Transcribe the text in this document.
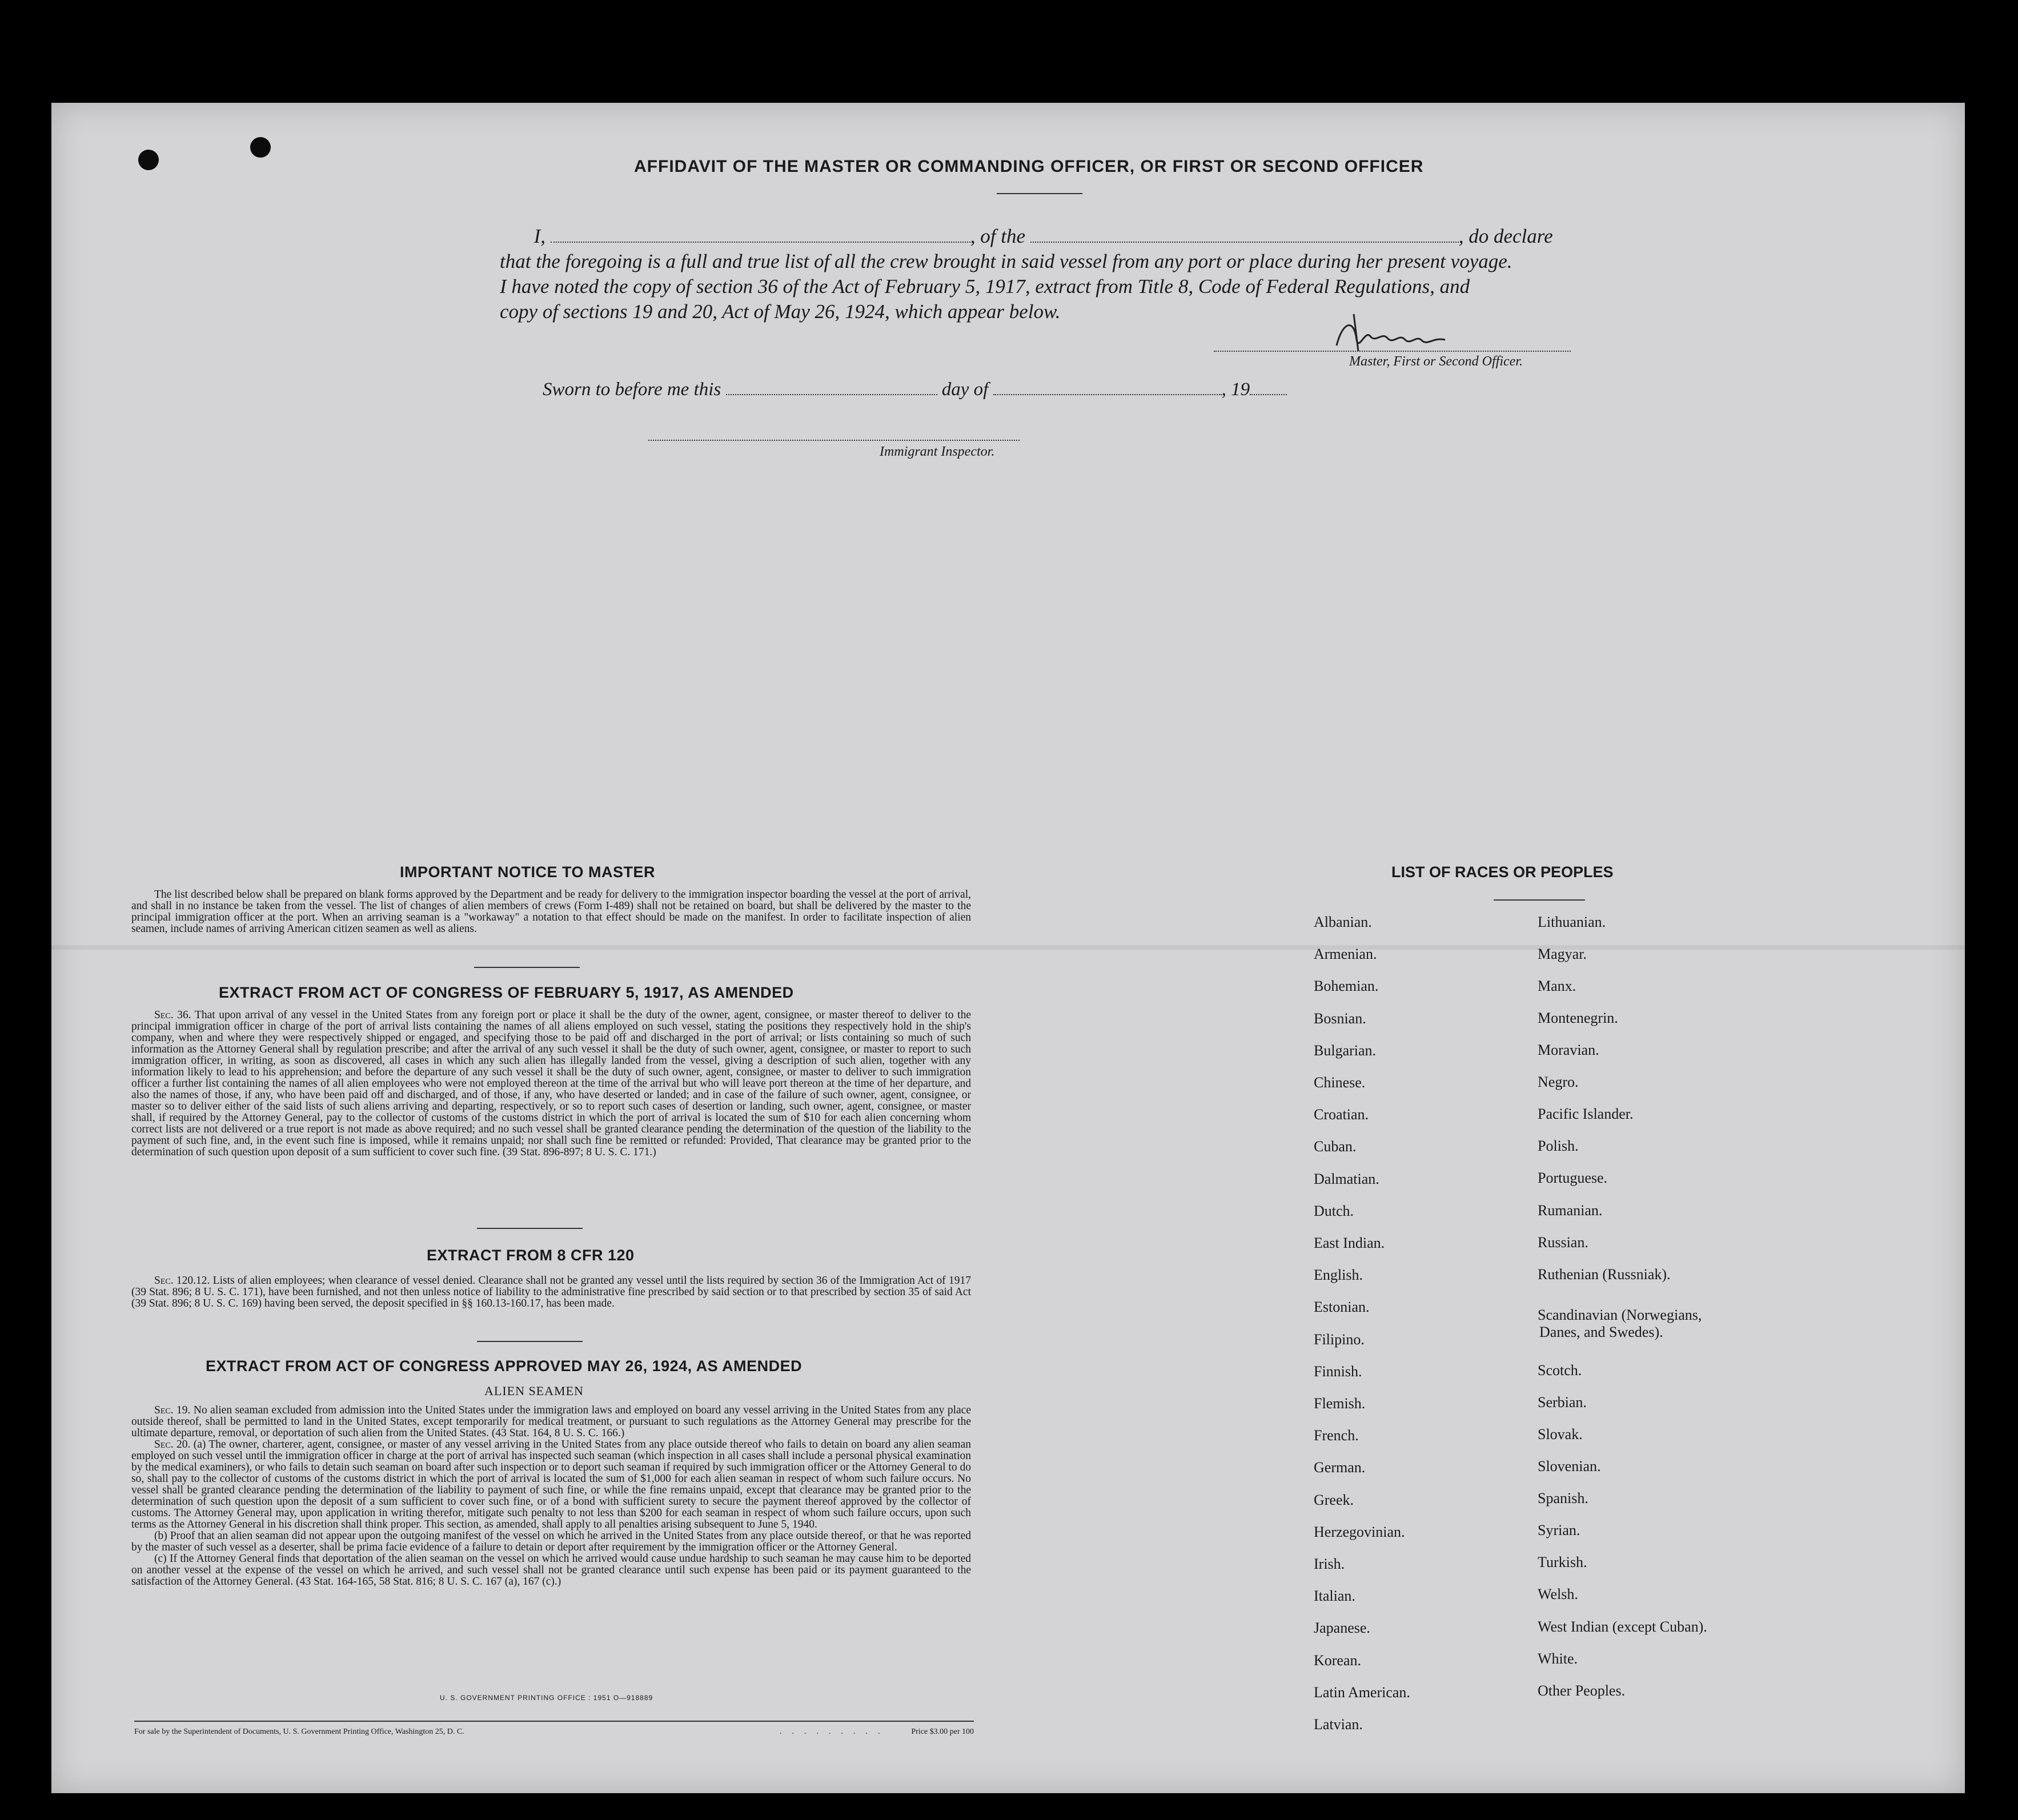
AFFIDAVIT OF THE MASTER OR COMMANDING OFFICER, OR FIRST OR SECOND OFFICER
I,	, of the	, do declare
that the foregoing is a full and true list of all the crew brought in said vessel from any port or place during her present voyage.
I have noted the copy of section 36 of the Act of February 5, 1917, extract from Title 8, Code of Federal Regulations, and
copy of sections 19 and 20, Act of May 26, 1924, which appear below.
Master, First or Second Officer.
Sworn to before me this	day of	, 19
Immigrant Inspector.
IMPORTANT NOTICE TO MASTER

The list described below shall be prepared on blank forms approved by the Department and be ready for delivery to the immigration inspector boarding the vessel at the port of arrival, and shall in no instance be taken from the vessel. The list of changes of alien members of crews (Form I-489) shall not be retained on board, but shall be delivered by the master to the principal immigration officer at the port. When an arriving seaman is a "workaway" a notation to that effect should be made on the manifest. In order to facilitate inspection of alien seamen, include names of arriving American citizen seamen as well as aliens.

EXTRACT FROM ACT OF CONGRESS OF FEBRUARY 5, 1917, AS AMENDED

Sec. 36. That upon arrival of any vessel in the United States from any foreign port or place it shall be the duty of the owner, agent, consignee, or master thereof to deliver to the principal immigration officer in charge of the port of arrival lists containing the names of all aliens employed on such vessel, stating the positions they respectively hold in the ship's company, when and where they were respectively shipped or engaged, and specifying those to be paid off and discharged in the port of arrival; or lists containing so much of such information as the Attorney General shall by regulation prescribe; and after the arrival of any such vessel it shall be the duty of such owner, agent, consignee, or master to report to such immigration officer, in writing, as soon as discovered, all cases in which any such alien has illegally landed from the vessel, giving a description of such alien, together with any information likely to lead to his apprehension; and before the departure of any such vessel it shall be the duty of such owner, agent, consignee, or master to deliver to such immigration officer a further list containing the names of all alien employees who were not employed thereon at the time of the arrival but who will leave port thereon at the time of her departure, and also the names of those, if any, who have been paid off and discharged, and of those, if any, who have deserted or landed; and in case of the failure of such owner, agent, consignee, or master so to deliver either of the said lists of such aliens arriving and departing, respectively, or so to report such cases of desertion or landing, such owner, agent, consignee, or master shall, if required by the Attorney General, pay to the collector of customs of the customs district in which the port of arrival is located the sum of $10 for each alien concerning whom correct lists are not delivered or a true report is not made as above required; and no such vessel shall be granted clearance pending the determination of the question of the liability to the payment of such fine, and, in the event such fine is imposed, while it remains unpaid; nor shall such fine be remitted or refunded: Provided, That clearance may be granted prior to the determination of such question upon deposit of a sum sufficient to cover such fine. (39 Stat. 896-897; 8 U. S. C. 171.)

EXTRACT FROM 8 CFR 120

Sec. 120.12. Lists of alien employees; when clearance of vessel denied. Clearance shall not be granted any vessel until the lists required by section 36 of the Immigration Act of 1917 (39 Stat. 896; 8 U. S. C. 171), have been furnished, and not then unless notice of liability to the administrative fine prescribed by said section or to that prescribed by section 35 of said Act (39 Stat. 896; 8 U. S. C. 169) having been served, the deposit specified in §§ 160.13-160.17, has been made.

EXTRACT FROM ACT OF CONGRESS APPROVED MAY 26, 1924, AS AMENDED
ALIEN SEAMEN

Sec. 19. No alien seaman excluded from admission into the United States under the immigration laws and employed on board any vessel arriving in the United States from any place outside thereof, shall be permitted to land in the United States, except temporarily for medical treatment, or pursuant to such regulations as the Attorney General may prescribe for the ultimate departure, removal, or deportation of such alien from the United States. (43 Stat. 164, 8 U. S. C. 166.)

Sec. 20. (a) The owner, charterer, agent, consignee, or master of any vessel arriving in the United States from any place outside thereof who fails to detain on board any alien seaman employed on such vessel until the immigration officer in charge at the port of arrival has inspected such seaman (which inspection in all cases shall include a personal physical examination by the medical examiners), or who fails to detain such seaman on board after such inspection or to deport such seaman if required by such immigration officer or the Attorney General to do so, shall pay to the collector of customs of the customs district in which the port of arrival is located the sum of $1,000 for each alien seaman in respect of whom such failure occurs. No vessel shall be granted clearance pending the determination of the liability to payment of such fine, or while the fine remains unpaid, except that clearance may be granted prior to the determination of such question upon the deposit of a sum sufficient to cover such fine, or of a bond with sufficient surety to secure the payment thereof approved by the collector of customs. The Attorney General may, upon application in writing therefor, mitigate such penalty to not less than $200 for each seaman in respect of whom such failure occurs, upon such terms as the Attorney General in his discretion shall think proper. This section, as amended, shall apply to all penalties arising subsequent to June 5, 1940.

(b) Proof that an alien seaman did not appear upon the outgoing manifest of the vessel on which he arrived in the United States from any place outside thereof, or that he was reported by the master of such vessel as a deserter, shall be prima facie evidence of a failure to detain or deport after requirement by the immigration officer or the Attorney General.

(c) If the Attorney General finds that deportation of the alien seaman on the vessel on which he arrived would cause undue hardship to such seaman he may cause him to be deported on another vessel at the expense of the vessel on which he arrived, and such vessel shall not be granted clearance until such expense has been paid or its payment guaranteed to the satisfaction of the Attorney General. (43 Stat. 164-165, 58 Stat. 816; 8 U. S. C. 167 (a), 167 (c).)

U. S. GOVERNMENT PRINTING OFFICE : 1951 O—918889
For sale by the Superintendent of Documents, U. S. Government Printing Office, Washington 25, D. C.	.........	Price $3.00 per 100
LIST OF RACES OR PEOPLES
Albanian.
Armenian.
Bohemian.
Bosnian.
Bulgarian.
Chinese.
Croatian.
Cuban.
Dalmatian.
Dutch.
East Indian.
English.
Estonian.
Filipino.
Finnish.
Flemish.
French.
German.
Greek.
Herzegovinian.
Irish.
Italian.
Japanese.
Korean.
Latin American.
Latvian.
Lithuanian.
Magyar.
Manx.
Montenegrin.
Moravian.
Negro.
Pacific Islander.
Polish.
Portuguese.
Rumanian.
Russian.
Ruthenian (Russniak).
Scandinavian (Norwegians,
Danes, and Swedes).
Scotch.
Serbian.
Slovak.
Slovenian.
Spanish.
Syrian.
Turkish.
Welsh.
West Indian (except Cuban).
White.
Other Peoples.
